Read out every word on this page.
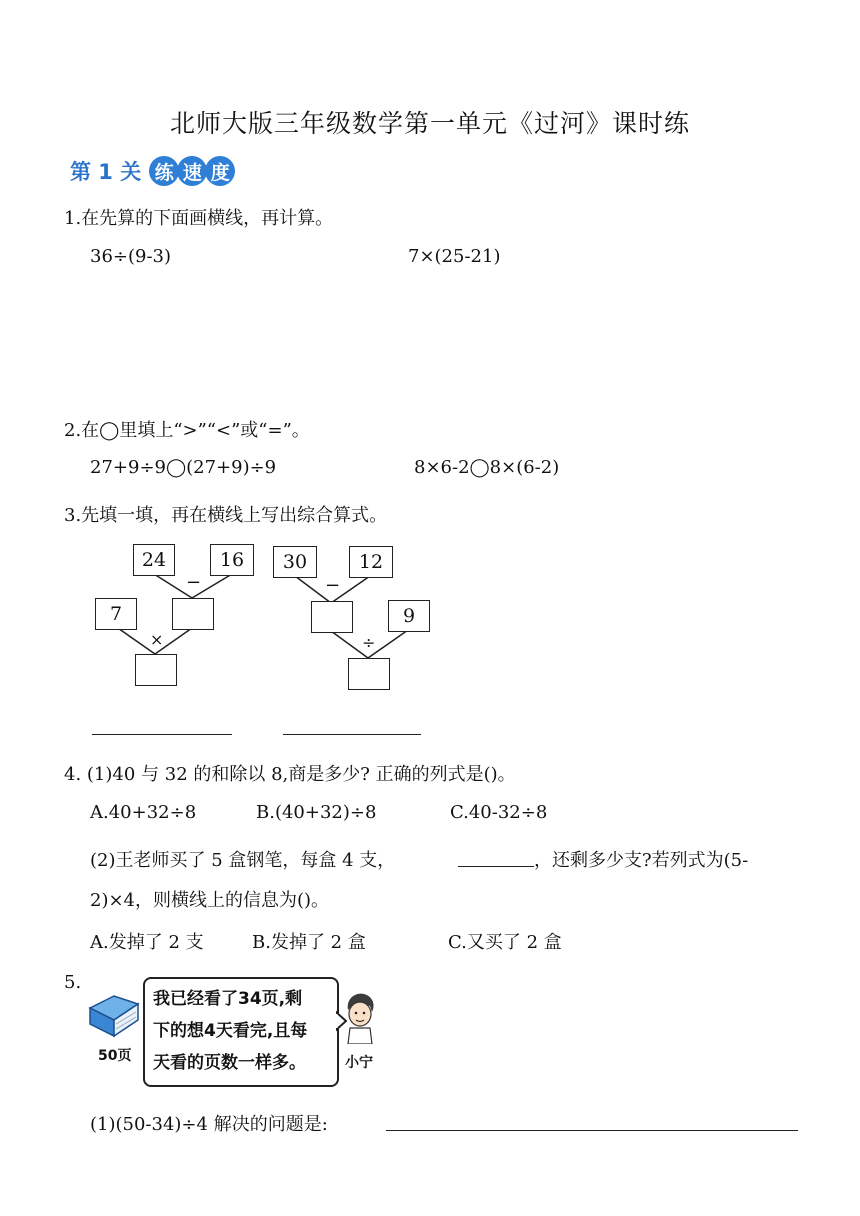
北师大版三年级数学第一单元《过河》课时练
第 1 关 练 速 度
1.在先算的下面画横线，再计算。
36÷(9-3)	7×(25-21)
2.在◯里填上“>”“<”或“=”。
27+9÷9◯(27+9)÷9	8×6-2◯8×(6-2)
3.先填一填，再在横线上写出综合算式。
24	16
−
7
×
30	12
−
9
÷
4. (1)40 与 32 的和除以 8,商是多少? 正确的列式是()。
A.40+32÷8	B.(40+32)÷8	C.40-32÷8
(2)王老师买了 5 盒钢笔，每盒 4 支，	，还剩多少支?若列式为(5-
2)×4，则横线上的信息为()。
A.发掉了 2 支	B.发掉了 2 盒	C.又买了 2 盒
5.
50页
我已经看了34页,剩
下的想4天看完,且每
天看的页数一样多。	小宁
(1)(50-34)÷4 解决的问题是:
